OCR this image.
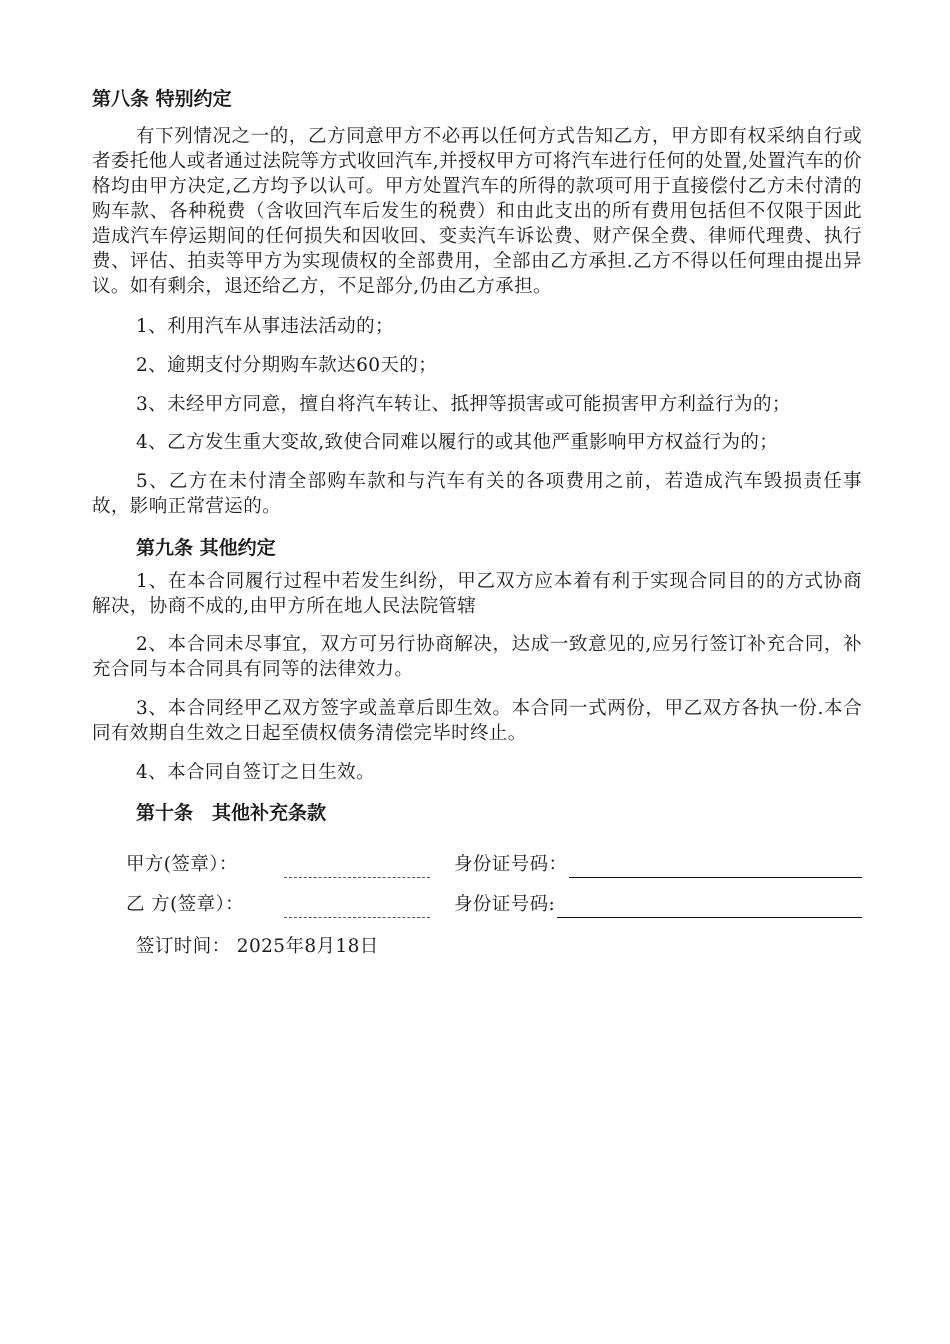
第八条 特别约定

有下列情况之一的，乙方同意甲方不必再以任何方式告知乙方，甲方即有权采纳自行或者委托他人或者通过法院等方式收回汽车,并授权甲方可将汽车进行任何的处置,处置汽车的价格均由甲方决定,乙方均予以认可。甲方处置汽车的所得的款项可用于直接偿付乙方未付清的购车款、各种税费（含收回汽车后发生的税费）和由此支出的所有费用包括但不仅限于因此造成汽车停运期间的任何损失和因收回、变卖汽车诉讼费、财产保全费、律师代理费、执行费、评估、拍卖等甲方为实现债权的全部费用，全部由乙方承担.乙方不得以任何理由提出异议。如有剩余，退还给乙方，不足部分,仍由乙方承担。

1、利用汽车从事违法活动的；

2、逾期支付分期购车款达60天的；

3、未经甲方同意，擅自将汽车转让、抵押等损害或可能损害甲方利益行为的；

4、乙方发生重大变故,致使合同难以履行的或其他严重影响甲方权益行为的；

5、乙方在未付清全部购车款和与汽车有关的各项费用之前，若造成汽车毁损责任事故，影响正常营运的。

第九条 其他约定

1、在本合同履行过程中若发生纠纷，甲乙双方应本着有利于实现合同目的的方式协商解决，协商不成的,由甲方所在地人民法院管辖

2、本合同未尽事宜，双方可另行协商解决，达成一致意见的,应另行签订补充合同，补充合同与本合同具有同等的法律效力。

3、本合同经甲乙双方签字或盖章后即生效。本合同一式两份，甲乙双方各执一份.本合同有效期自生效之日起至债权债务清偿完毕时终止。

4、本合同自签订之日生效。

第十条　其他补充条款

甲方(签章）：	身份证号码：
乙 方(签章）：	身份证号码:
签订时间： 2025年8月18日
